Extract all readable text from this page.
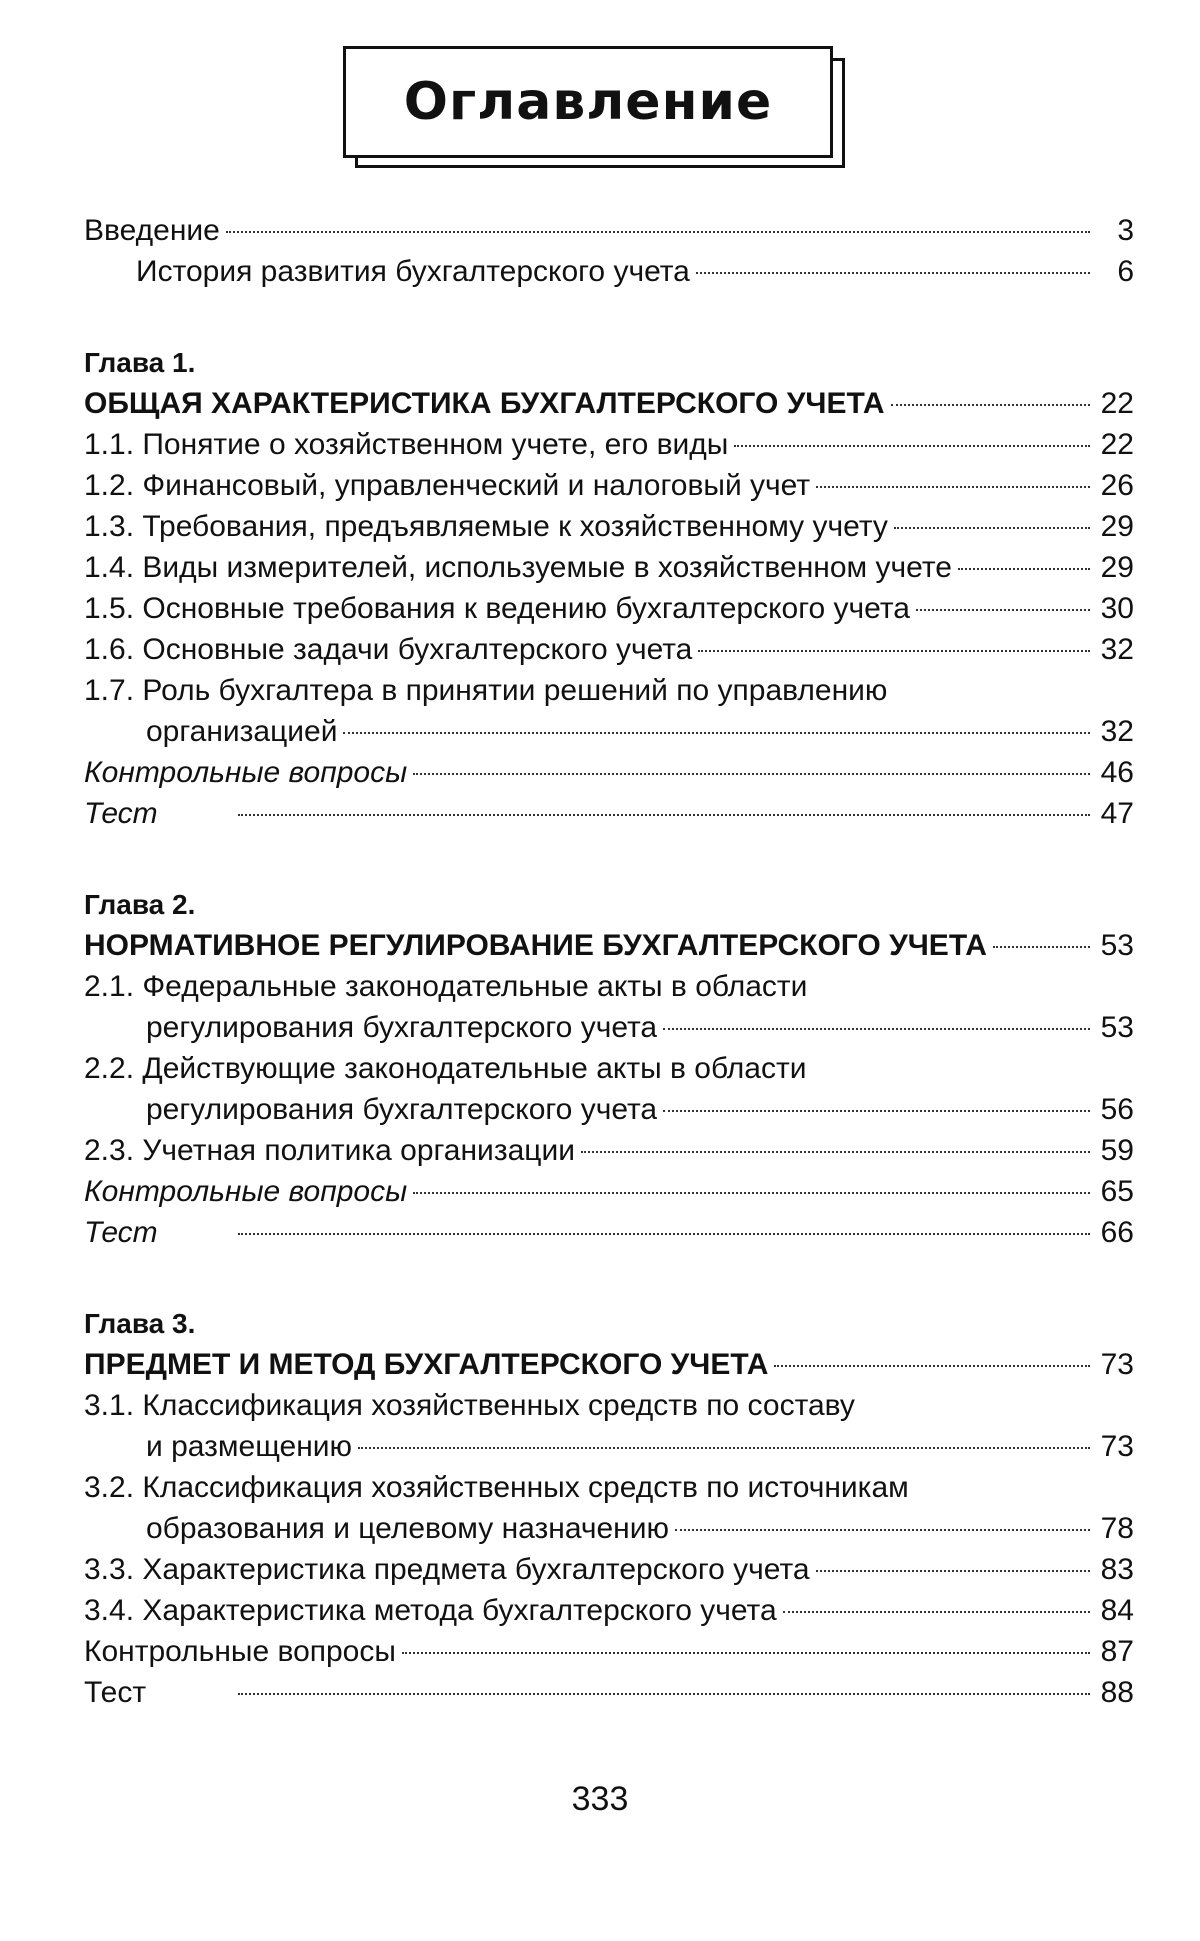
Оглавление
Введение	3
История развития бухгалтерского учета	6
Глава 1.
ОБЩАЯ ХАРАКТЕРИСТИКА БУХГАЛТЕРСКОГО УЧЕТА	22
1.1. Понятие о хозяйственном учете, его виды	22
1.2. Финансовый, управленческий и налоговый учет	26
1.3. Требования, предъявляемые к хозяйственному учету	29
1.4. Виды измерителей, используемые в хозяйственном учете	29
1.5. Основные требования к ведению бухгалтерского учета	30
1.6. Основные задачи бухгалтерского учета	32
1.7. Роль бухгалтера в принятии решений по управлению
организацией	32
Контрольные вопросы	46
Тест	47
Глава 2.
НОРМАТИВНОЕ РЕГУЛИРОВАНИЕ БУХГАЛТЕРСКОГО УЧЕТА	53
2.1. Федеральные законодательные акты в области
регулирования бухгалтерского учета	53
2.2. Действующие законодательные акты в области
регулирования бухгалтерского учета	56
2.3. Учетная политика организации	59
Контрольные вопросы	65
Тест	66
Глава 3.
ПРЕДМЕТ И МЕТОД БУХГАЛТЕРСКОГО УЧЕТА	73
3.1. Классификация хозяйственных средств по составу
и размещению	73
3.2. Классификация хозяйственных средств по источникам
образования и целевому назначению	78
3.3. Характеристика предмета бухгалтерского учета	83
3.4. Характеристика метода бухгалтерского учета	84
Контрольные вопросы	87
Тест	88
333
